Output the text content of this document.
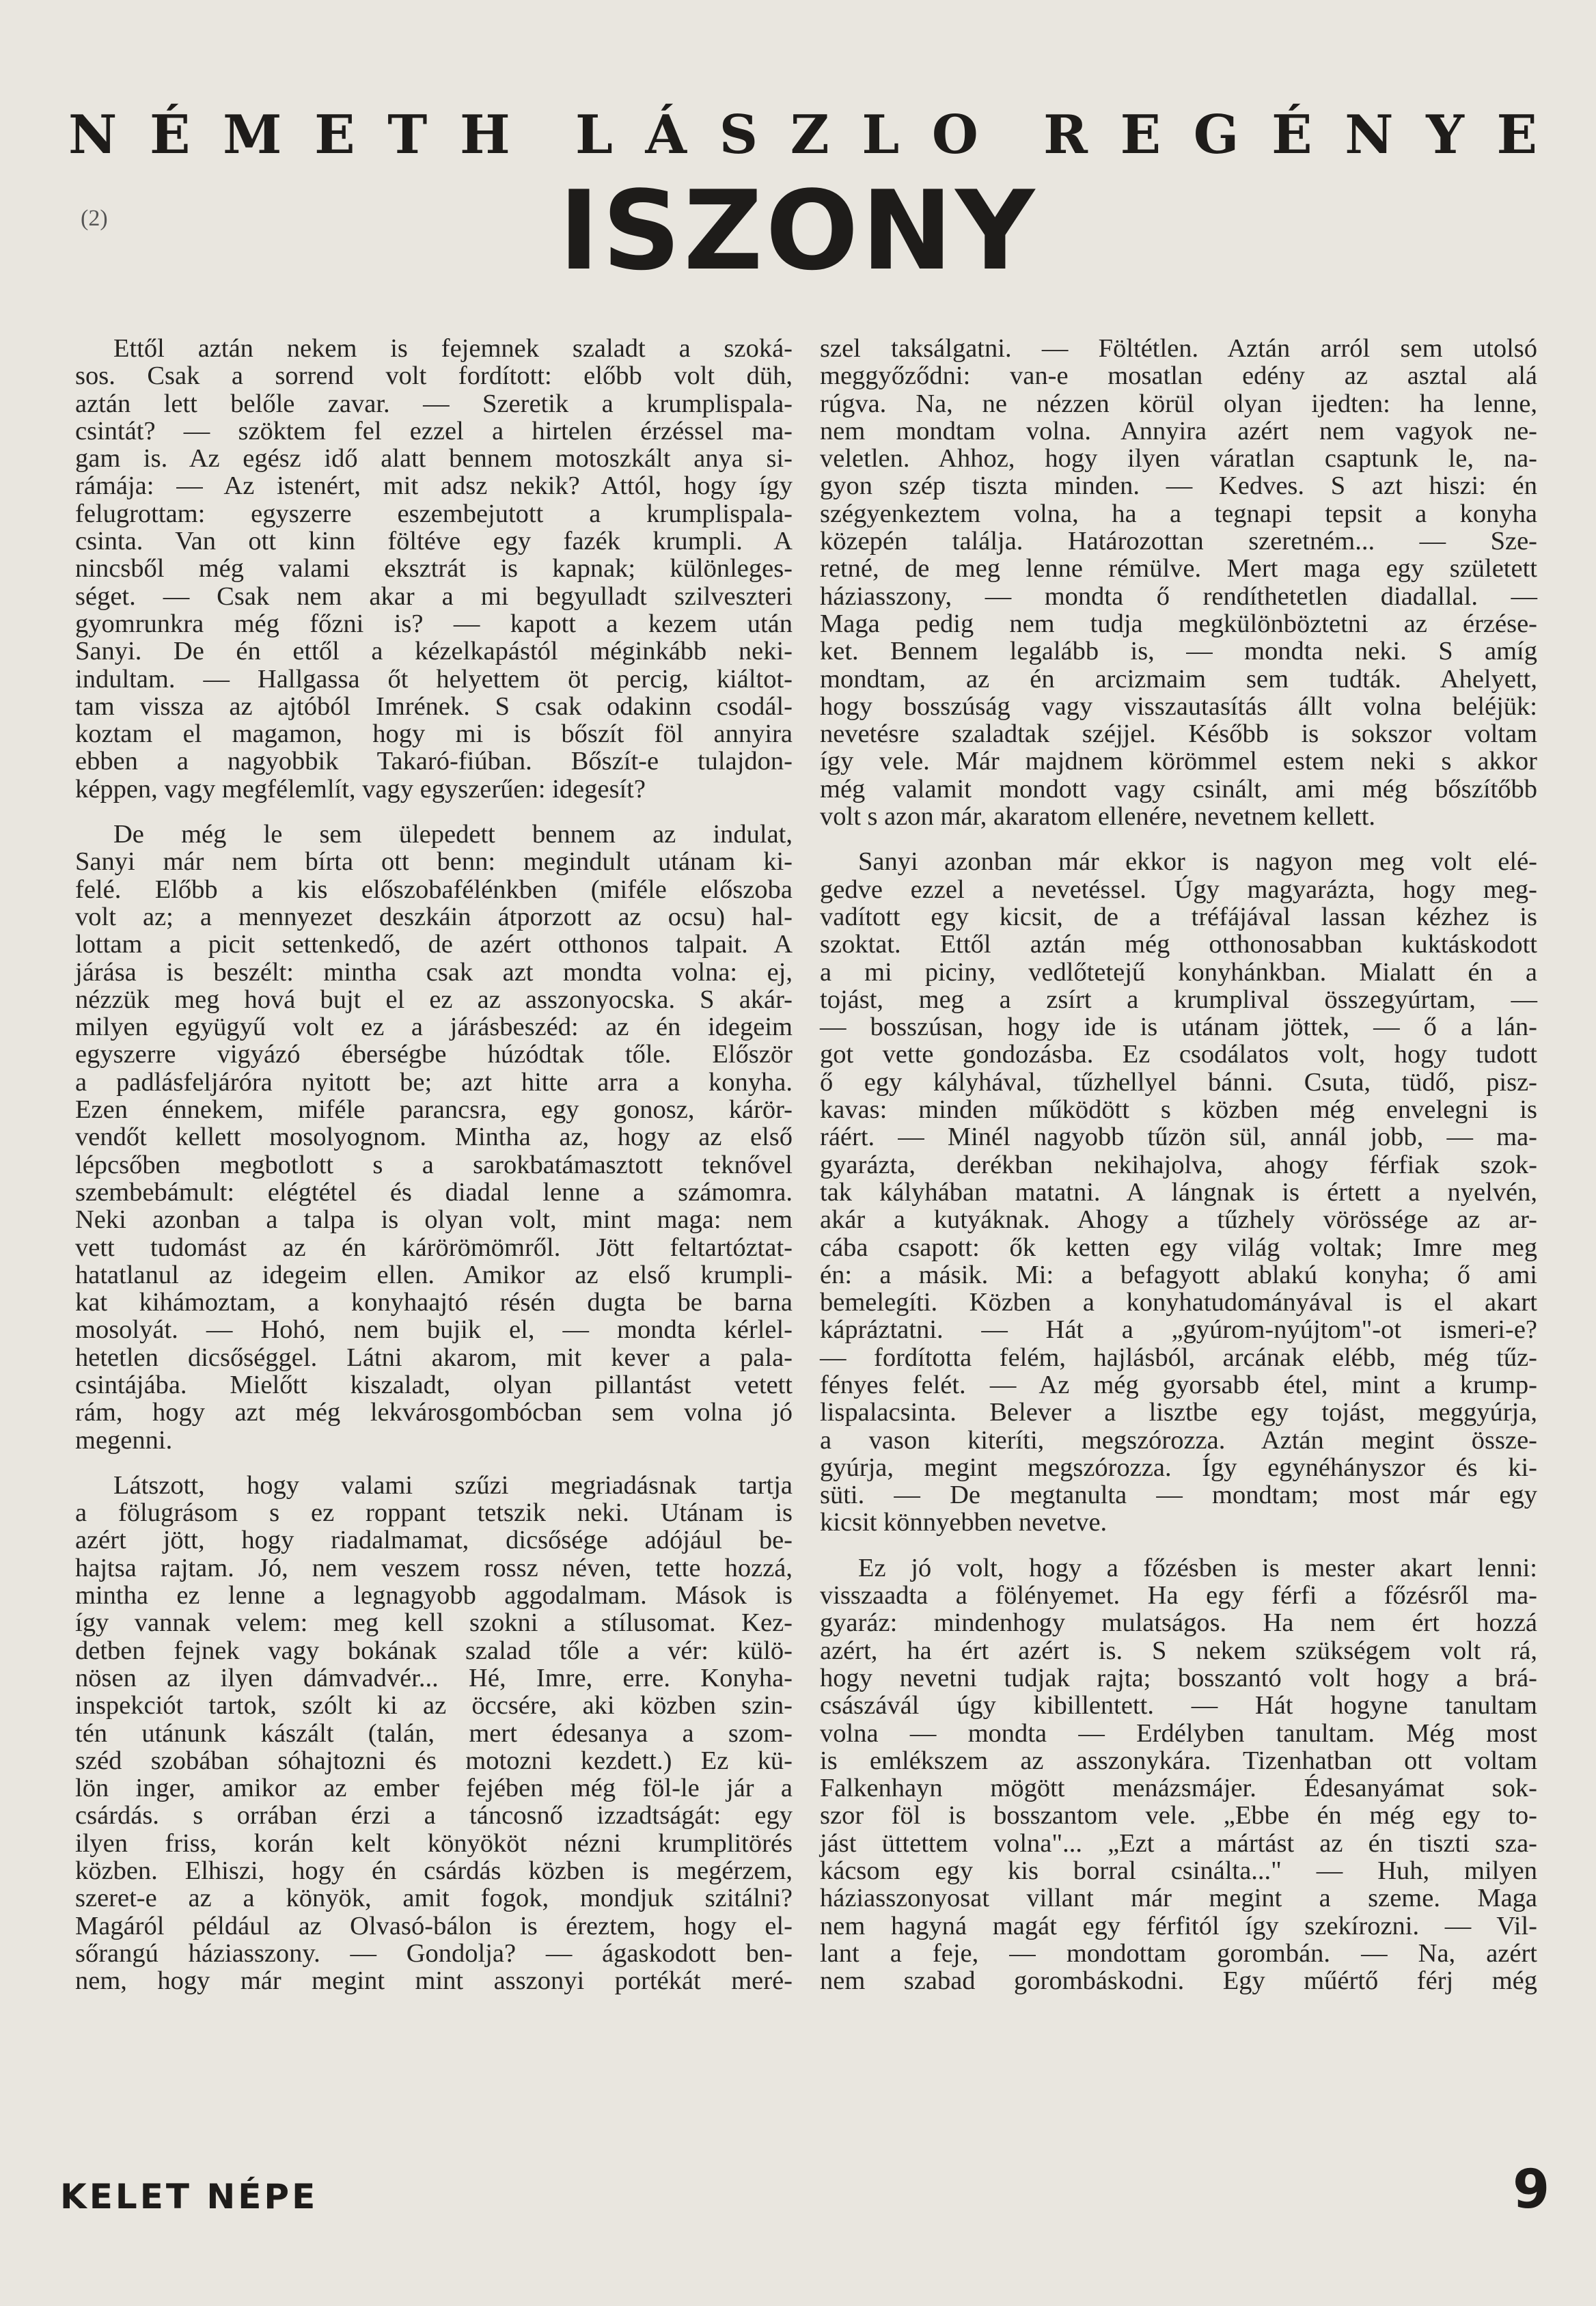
N É M E T H L Á S Z L O R E G É N Y E
(2)	ISZONY
Ettől aztán nekem is fejemnek szaladt a szoká-
sos. Csak a sorrend volt fordított: előbb volt düh,
aztán lett belőle zavar. — Szeretik a krumplispala-
csintát? — szöktem fel ezzel a hirtelen érzéssel ma-
gam is. Az egész idő alatt bennem motoszkált anya si-
rámája: — Az istenért, mit adsz nekik? Attól, hogy így
felugrottam: egyszerre eszembejutott a krumplispala-
csinta. Van ott kinn föltéve egy fazék krumpli. A
nincsből még valami eksztrát is kapnak; különleges-
séget. — Csak nem akar a mi begyulladt szilveszteri
gyomrunkra még főzni is? — kapott a kezem után
Sanyi. De én ettől a kézelkapástól méginkább neki-
indultam. — Hallgassa őt helyettem öt percig, kiáltot-
tam vissza az ajtóból Imrének. S csak odakinn csodál-
koztam el magamon, hogy mi is bőszít föl annyira
ebben a nagyobbik Takaró-fiúban. Bőszít-e tulajdon-
képpen, vagy megfélemlít, vagy egyszerűen: idegesít?
De még le sem ülepedett bennem az indulat,
Sanyi már nem bírta ott benn: megindult utánam ki-
felé. Előbb a kis előszobafélénkben (miféle előszoba
volt az; a mennyezet deszkáin átporzott az ocsu) hal-
lottam a picit settenkedő, de azért otthonos talpait. A
járása is beszélt: mintha csak azt mondta volna: ej,
nézzük meg hová bujt el ez az asszonyocska. S akár-
milyen együgyű volt ez a járásbeszéd: az én idegeim
egyszerre vigyázó éberségbe húzódtak tőle. Először
a padlásfeljáróra nyitott be; azt hitte arra a konyha.
Ezen énnekem, miféle parancsra, egy gonosz, kárör-
vendőt kellett mosolyognom. Mintha az, hogy az első
lépcsőben megbotlott s a sarokbatámasztott teknővel
szembebámult: elégtétel és diadal lenne a számomra.
Neki azonban a talpa is olyan volt, mint maga: nem
vett tudomást az én kárörömömről. Jött feltartóztat-
hatatlanul az idegeim ellen. Amikor az első krumpli-
kat kihámoztam, a konyhaajtó résén dugta be barna
mosolyát. — Hohó, nem bujik el, — mondta kérlel-
hetetlen dicsőséggel. Látni akarom, mit kever a pala-
csintájába. Mielőtt kiszaladt, olyan pillantást vetett
rám, hogy azt még lekvárosgombócban sem volna jó
megenni.
Látszott, hogy valami szűzi megriadásnak tartja
a fölugrásom s ez roppant tetszik neki. Utánam is
azért jött, hogy riadalmamat, dicsősége adójául be-
hajtsa rajtam. Jó, nem veszem rossz néven, tette hozzá,
mintha ez lenne a legnagyobb aggodalmam. Mások is
így vannak velem: meg kell szokni a stílusomat. Kez-
detben fejnek vagy bokának szalad tőle a vér: külö-
nösen az ilyen dámvadvér... Hé, Imre, erre. Konyha-
inspekciót tartok, szólt ki az öccsére, aki közben szin-
tén utánunk kászált (talán, mert édesanya a szom-
széd szobában sóhajtozni és motozni kezdett.) Ez kü-
lön inger, amikor az ember fejében még föl-le jár a
csárdás. s orrában érzi a táncosnő izzadtságát: egy
ilyen friss, korán kelt könyököt nézni krumplitörés
közben. Elhiszi, hogy én csárdás közben is megérzem,
szeret-e az a könyök, amit fogok, mondjuk szitálni?
Magáról például az Olvasó-bálon is éreztem, hogy el-
sőrangú háziasszony. — Gondolja? — ágaskodott ben-
nem, hogy már megint mint asszonyi portékát meré-
szel taksálgatni. — Föltétlen. Aztán arról sem utolsó
meggyőződni: van-e mosatlan edény az asztal alá
rúgva. Na, ne nézzen körül olyan ijedten: ha lenne,
nem mondtam volna. Annyira azért nem vagyok ne-
veletlen. Ahhoz, hogy ilyen váratlan csaptunk le, na-
gyon szép tiszta minden. — Kedves. S azt hiszi: én
szégyenkeztem volna, ha a tegnapi tepsit a konyha
közepén találja. Határozottan szeretném... — Sze-
retné, de meg lenne rémülve. Mert maga egy született
háziasszony, — mondta ő rendíthetetlen diadallal. —
Maga pedig nem tudja megkülönböztetni az érzése-
ket. Bennem legalább is, — mondta neki. S amíg
mondtam, az én arcizmaim sem tudták. Ahelyett,
hogy bosszúság vagy visszautasítás állt volna beléjük:
nevetésre szaladtak széjjel. Később is sokszor voltam
így vele. Már majdnem körömmel estem neki s akkor
még valamit mondott vagy csinált, ami még bőszítőbb
volt s azon már, akaratom ellenére, nevetnem kellett.
Sanyi azonban már ekkor is nagyon meg volt elé-
gedve ezzel a nevetéssel. Úgy magyarázta, hogy meg-
vadított egy kicsit, de a tréfájával lassan kézhez is
szoktat. Ettől aztán még otthonosabban kuktáskodott
a mi piciny, vedlőtetejű konyhánkban. Mialatt én a
tojást, meg a zsírt a krumplival összegyúrtam, —
— bosszúsan, hogy ide is utánam jöttek, — ő a lán-
got vette gondozásba. Ez csodálatos volt, hogy tudott
ő egy kályhával, tűzhellyel bánni. Csuta, tüdő, pisz-
kavas: minden működött s közben még envelegni is
ráért. — Minél nagyobb tűzön sül, annál jobb, — ma-
gyarázta, derékban nekihajolva, ahogy férfiak szok-
tak kályhában matatni. A lángnak is értett a nyelvén,
akár a kutyáknak. Ahogy a tűzhely vörössége az ar-
cába csapott: ők ketten egy világ voltak; Imre meg
én: a másik. Mi: a befagyott ablakú konyha; ő ami
bemelegíti. Közben a konyhatudományával is el akart
kápráztatni. — Hát a „gyúrom-nyújtom"-ot ismeri-e?
— fordította felém, hajlásból, arcának elébb, még tűz-
fényes felét. — Az még gyorsabb étel, mint a krump-
lispalacsinta. Belever a lisztbe egy tojást, meggyúrja,
a vason kiteríti, megszórozza. Aztán megint össze-
gyúrja, megint megszórozza. Így egynéhányszor és ki-
süti. — De megtanulta — mondtam; most már egy
kicsit könnyebben nevetve.
Ez jó volt, hogy a főzésben is mester akart lenni:
visszaadta a fölényemet. Ha egy férfi a főzésről ma-
gyaráz: mindenhogy mulatságos. Ha nem ért hozzá
azért, ha ért azért is. S nekem szükségem volt rá,
hogy nevetni tudjak rajta; bosszantó volt hogy a brá-
császávál úgy kibillentett. — Hát hogyne tanultam
volna — mondta — Erdélyben tanultam. Még most
is emlékszem az asszonykára. Tizenhatban ott voltam
Falkenhayn mögött menázsmájer. Édesanyámat sok-
szor föl is bosszantom vele. „Ebbe én még egy to-
jást üttettem volna"... „Ezt a mártást az én tiszti sza-
kácsom egy kis borral csinálta..." — Huh, milyen
háziasszonyosat villant már megint a szeme. Maga
nem hagyná magát egy férfitól így szekírozni. — Vil-
lant a feje, — mondottam gorombán. — Na, azért
nem szabad gorombáskodni. Egy műértő férj még
KELET NÉPE	9
